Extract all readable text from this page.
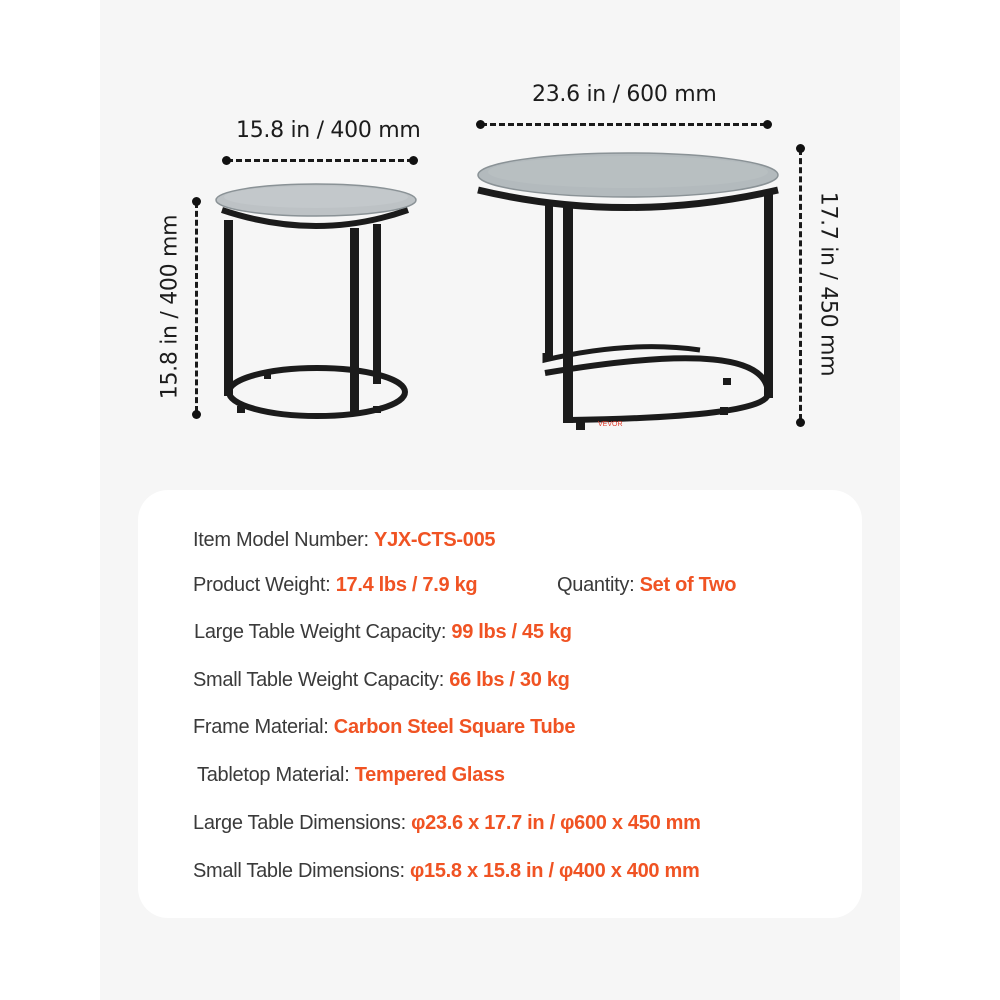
15.8 in / 400 mm
15.8 in / 400 mm
23.6 in / 600 mm
17.7 in / 450 mm
VEVOR
Item Model Number: YJX-CTS-005
Product Weight: 17.4 lbs / 7.9 kg	Quantity: Set of Two
Large Table Weight Capacity: 99 lbs / 45 kg
Small Table Weight Capacity: 66 lbs / 30 kg
Frame Material: Carbon Steel Square Tube
Tabletop Material: Tempered Glass
Large Table Dimensions: φ23.6 x 17.7 in / φ600 x 450 mm
Small Table Dimensions: φ15.8 x 15.8 in / φ400 x 400 mm
